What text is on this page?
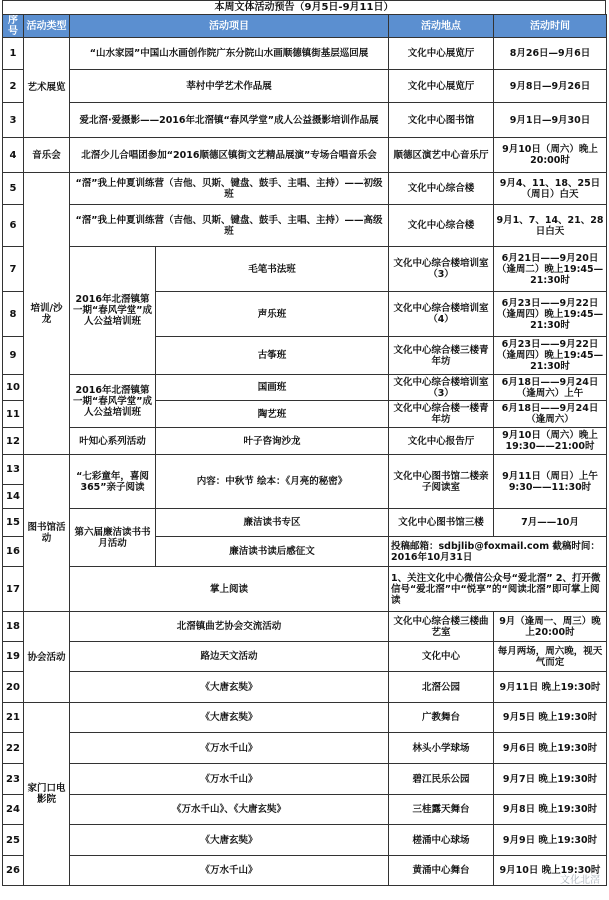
本周文体活动预告（9月5日-9月11日）
序号	活动类型	活动项目		活动地点	活动时间
1	艺术展览	“山水家园”中国山水画创作院广东分院山水画顺德镇街基层巡回展		文化中心展览厅	8月26日—9月6日
2		莘村中学艺术作品展		文化中心展览厅	9月8日—9月26日
3		爱北滘·爱摄影——2016年北滘镇“春风学堂”成人公益摄影培训作品展		文化中心图书馆	9月1日—9月30日
4	音乐会	北滘少儿合唱团参加“2016顺德区镇街文艺精品展演”专场合唱音乐会		顺德区演艺中心音乐厅	9月10日（周六）晚上20:00时
5	培训/沙龙	“滘”我上仲夏训练营（吉他、贝斯、键盘、鼓手、主唱、主持）——初级班		文化中心综合楼	9月4、11、18、25日（周日）白天
6		“滘”我上仲夏训练营（吉他、贝斯、键盘、鼓手、主唱、主持）——高级班		文化中心综合楼	9月1、7、14、21、28日白天
7		2016年北滘镇第一期“春风学堂”成人公益培训班	毛笔书法班	文化中心综合楼培训室（3）	6月21日——9月20日（逢周二）晚上19:45—21:30时
8			声乐班	文化中心综合楼培训室（4）	6月23日——9月22日（逢周四）晚上19:45—21:30时
9			古筝班	文化中心综合楼三楼青年坊	6月23日——9月22日（逢周四）晚上19:45—21:30时
10		2016年北滘镇第一期“春风学堂”成人公益培训班	国画班	文化中心综合楼培训室（3）	6月18日——9月24日（逢周六）上午
11			陶艺班	文化中心综合楼一楼青年坊	6月18日——9月24日（逢周六）
12		叶知心系列活动	叶子咨询沙龙	文化中心报告厅	9月10日（周六）晚上19:30——21:00时
13	图书馆活动	“七彩童年，喜阅365”亲子阅读	内容：中秋节 绘本：《月亮的秘密》	文化中心图书馆二楼亲子阅读室	9月11日（周日）上午9:30——11:30时
14					
15		第六届廉洁读书书月活动	廉洁读书专区	文化中心图书馆三楼	7月——10月
16			廉洁读书读后感征文	投稿邮箱：sdbjlib@foxmail.com 截稿时间：2016年10月31日	
17		掌上阅读		1、关注文化中心微信公众号“爱北滘” 2、打开微信号“爱北滘”中“悦享”的“阅读北滘”即可掌上阅读	
18	协会活动	北滘镇曲艺协会交流活动		文化中心综合楼三楼曲艺室	9月（逢周一、周三）晚上20:00时
19		路边天文活动		文化中心	每月两场，周六晚，视天气而定
20		《大唐玄奘》		北滘公园	9月11日 晚上19:30时
21	家门口电影院	《大唐玄奘》		广教舞台	9月5日 晚上19:30时
22		《万水千山》		林头小学球场	9月6日 晚上19:30时
23		《万水千山》		碧江民乐公园	9月7日 晚上19:30时
24		《万水千山》、《大唐玄奘》		三桂露天舞台	9月8日 晚上19:30时
25		《大唐玄奘》		槎涌中心球场	9月9日 晚上19:30时
26		《万水千山》		黄涌中心舞台	9月10日 晚上19:30时
文化北滘
